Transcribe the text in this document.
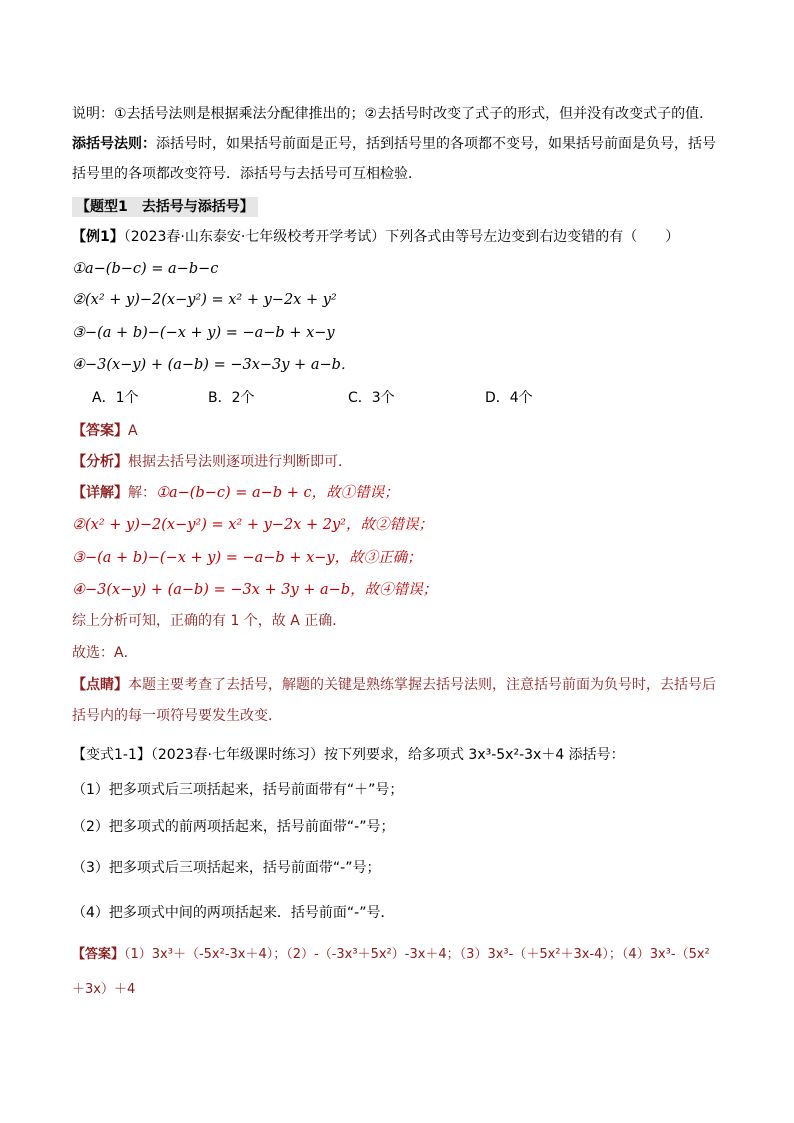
说明：①去括号法则是根据乘法分配律推出的；②去括号时改变了式子的形式，但并没有改变式子的值．
添括号法则：添括号时，如果括号前面是正号，括到括号里的各项都不变号，如果括号前面是负号，括号
括号里的各项都改变符号．添括号与去括号可互相检验．
【题型1　去括号与添括号】
【例1】（2023春·山东泰安·七年级校考开学考试）下列各式由等号左边变到右边变错的有（　　）
①a−(b−c) = a−b−c
②(x² + y)−2(x−y²) = x² + y−2x + y²
③−(a + b)−(−x + y) = −a−b + x−y
④−3(x−y) + (a−b) = −3x−3y + a−b．
A．1个	B．2个	C．3个	D．4个
【答案】A
【分析】根据去括号法则逐项进行判断即可．
【详解】解：①a−(b−c) = a−b + c，故①错误；
②(x² + y)−2(x−y²) = x² + y−2x + 2y²，故②错误；
③−(a + b)−(−x + y) = −a−b + x−y，故③正确；
④−3(x−y) + (a−b) = −3x + 3y + a−b，故④错误；
综上分析可知，正确的有 1 个，故 A 正确．
故选：A．
【点睛】本题主要考查了去括号，解题的关键是熟练掌握去括号法则，注意括号前面为负号时，去括号后
括号内的每一项符号要发生改变．
【变式1-1】（2023春·七年级课时练习）按下列要求，给多项式 3x³-5x²-3x＋4 添括号：
（1）把多项式后三项括起来，括号前面带有“＋”号；
（2）把多项式的前两项括起来，括号前面带“-”号；
（3）把多项式后三项括起来，括号前面带“-”号；
（4）把多项式中间的两项括起来．括号前面“-”号．
【答案】（1）3x³＋（-5x²-3x＋4）；（2）-（-3x³＋5x²）-3x＋4；（3）3x³-（＋5x²＋3x-4）；（4）3x³-（5x²
＋3x）＋4
